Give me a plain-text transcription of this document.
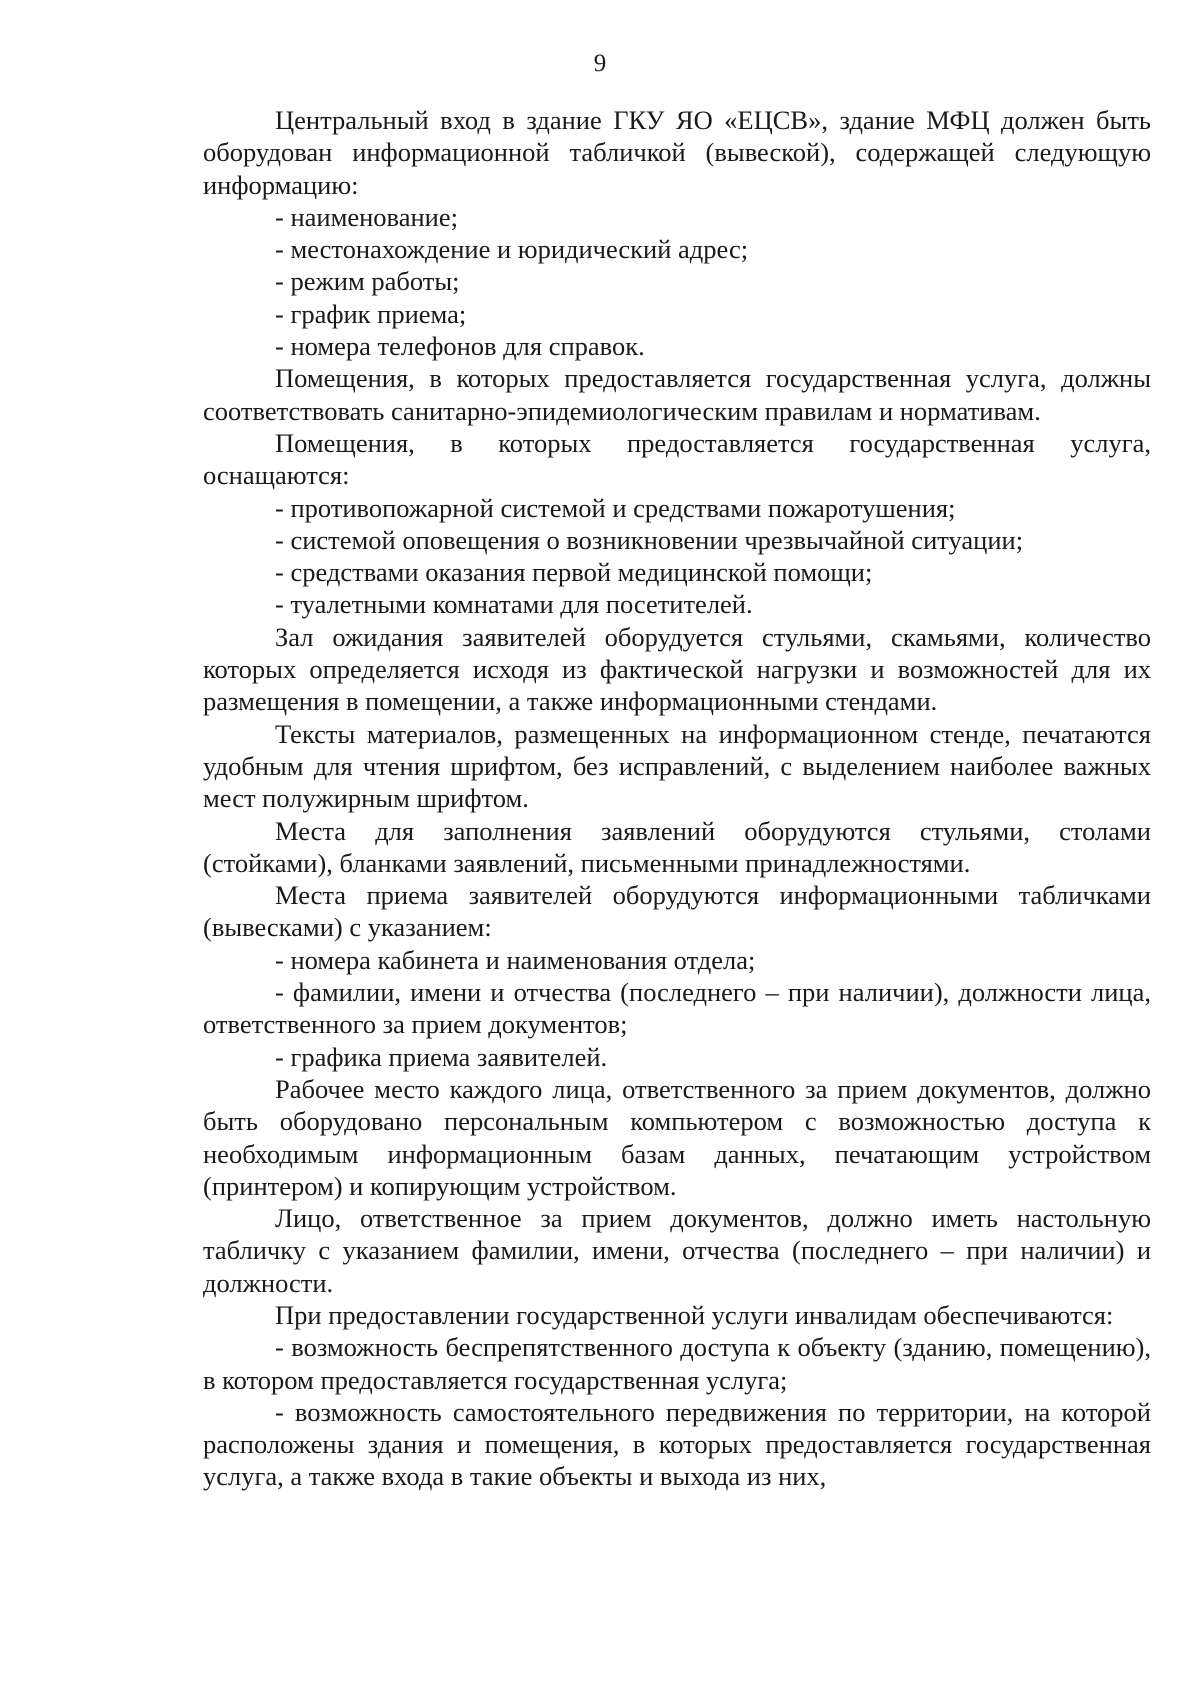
9

Центральный вход в здание ГКУ ЯО «ЕЦСВ», здание МФЦ должен быть оборудован информационной табличкой (вывеской), содержащей следующую информацию:

- наименование;

- местонахождение и юридический адрес;

- режим работы;

- график приема;

- номера телефонов для справок.

Помещения, в которых предоставляется государственная услуга, должны соответствовать санитарно-эпидемиологическим правилам и нормативам.

Помещения, в которых предоставляется государственная услуга, оснащаются:

- противопожарной системой и средствами пожаротушения;

- системой оповещения о возникновении чрезвычайной ситуации;

- средствами оказания первой медицинской помощи;

- туалетными комнатами для посетителей.

Зал ожидания заявителей оборудуется стульями, скамьями, количество которых определяется исходя из фактической нагрузки и возможностей для их размещения в помещении, а также информационными стендами.

Тексты материалов, размещенных на информационном стенде, печатаются удобным для чтения шрифтом, без исправлений, с выделением наиболее важных мест полужирным шрифтом.

Места для заполнения заявлений оборудуются стульями, столами (стойками), бланками заявлений, письменными принадлежностями.

Места приема заявителей оборудуются информационными табличками (вывесками) с указанием:

- номера кабинета и наименования отдела;

- фамилии, имени и отчества (последнего – при наличии), должности лица, ответственного за прием документов;

- графика приема заявителей.

Рабочее место каждого лица, ответственного за прием документов, должно быть оборудовано персональным компьютером с возможностью доступа к необходимым информационным базам данных, печатающим устройством (принтером) и копирующим устройством.

Лицо, ответственное за прием документов, должно иметь настольную табличку с указанием фамилии, имени, отчества (последнего – при наличии) и должности.

При предоставлении государственной услуги инвалидам обеспечиваются:

- возможность беспрепятственного доступа к объекту (зданию, помещению), в котором предоставляется государственная услуга;

- возможность самостоятельного передвижения по территории, на которой расположены здания и помещения, в которых предоставляется государственная услуга, а также входа в такие объекты и выхода из них,
